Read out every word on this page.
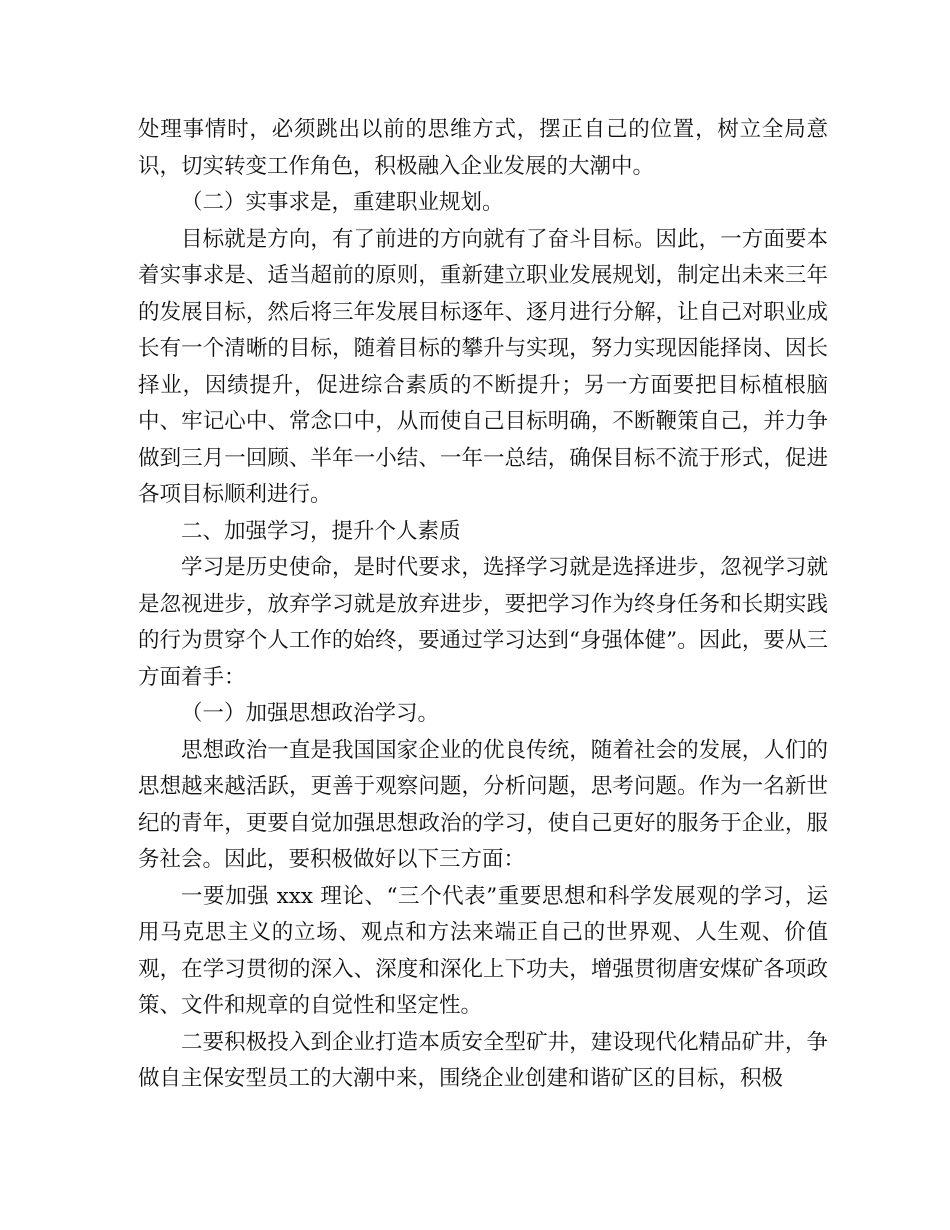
处理事情时，必须跳出以前的思维方式，摆正自己的位置，树立全局意识，切实转变工作角色，积极融入企业发展的大潮中。

（二）实事求是，重建职业规划。

目标就是方向，有了前进的方向就有了奋斗目标。因此，一方面要本着实事求是、适当超前的原则，重新建立职业发展规划，制定出未来三年的发展目标，然后将三年发展目标逐年、逐月进行分解，让自己对职业成长有一个清晰的目标，随着目标的攀升与实现，努力实现因能择岗、因长择业，因绩提升，促进综合素质的不断提升；另一方面要把目标植根脑中、牢记心中、常念口中，从而使自己目标明确，不断鞭策自己，并力争做到三月一回顾、半年一小结、一年一总结，确保目标不流于形式，促进各项目标顺利进行。

二、加强学习，提升个人素质

学习是历史使命，是时代要求，选择学习就是选择进步，忽视学习就是忽视进步，放弃学习就是放弃进步，要把学习作为终身任务和长期实践的行为贯穿个人工作的始终，要通过学习达到“身强体健”。因此，要从三方面着手：

（一）加强思想政治学习。

思想政治一直是我国国家企业的优良传统，随着社会的发展，人们的思想越来越活跃，更善于观察问题，分析问题，思考问题。作为一名新世纪的青年，更要自觉加强思想政治的学习，使自己更好的服务于企业，服务社会。因此，要积极做好以下三方面：

一要加强 xxx 理论、“三个代表”重要思想和科学发展观的学习，运用马克思主义的立场、观点和方法来端正自己的世界观、人生观、价值观，在学习贯彻的深入、深度和深化上下功夫，增强贯彻唐安煤矿各项政策、文件和规章的自觉性和坚定性。

二要积极投入到企业打造本质安全型矿井，建设现代化精品矿井，争做自主保安型员工的大潮中来，围绕企业创建和谐矿区的目标，积极
